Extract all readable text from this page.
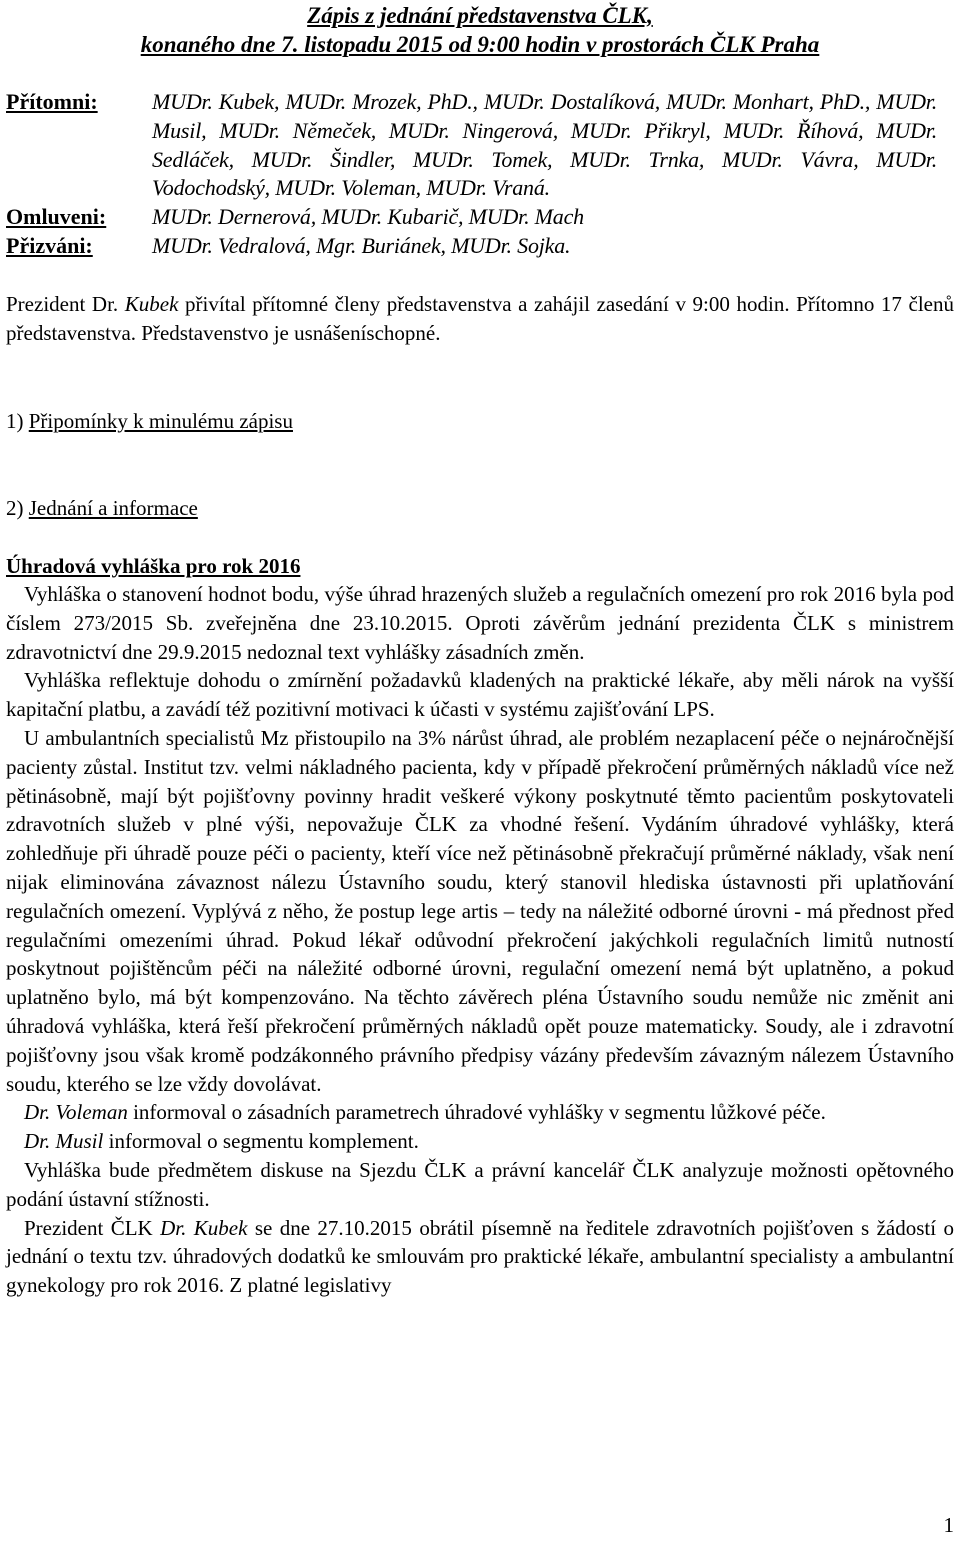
Zápis z jednání představenstva ČLK,
konaného dne 7. listopadu 2015 od 9:00 hodin v prostorách ČLK Praha
Přítomni: MUDr. Kubek, MUDr. Mrozek, PhD., MUDr. Dostalíková, MUDr. Monhart, PhD., MUDr. Musil, MUDr. Němeček, MUDr. Ningerová, MUDr. Přikryl, MUDr. Říhová, MUDr. Sedláček, MUDr. Šindler, MUDr. Tomek, MUDr. Trnka, MUDr. Vávra, MUDr. Vodochodský, MUDr. Voleman, MUDr. Vraná.
Omluveni: MUDr. Dernerová, MUDr. Kubarič, MUDr. Mach
Přizváni:	MUDr. Vedralová, Mgr. Buriánek, MUDr. Sojka.

Prezident Dr. Kubek přivítal přítomné členy představenstva a zahájil zasedání v 9:00 hodin. Přítomno 17 členů představenstva. Představenstvo je usnášeníschopné.

1) Připomínky k minulému zápisu
2) Jednání a informace
Úhradová vyhláška pro rok 2016

Vyhláška o stanovení hodnot bodu, výše úhrad hrazených služeb a regulačních omezení pro rok 2016 byla pod číslem 273/2015 Sb. zveřejněna dne 23.10.2015. Oproti závěrům jednání prezidenta ČLK s ministrem zdravotnictví dne 29.9.2015 nedoznal text vyhlášky zásadních změn.

Vyhláška reflektuje dohodu o zmírnění požadavků kladených na praktické lékaře, aby měli nárok na vyšší kapitační platbu, a zavádí též pozitivní motivaci k účasti v systému zajišťování LPS.

U ambulantních specialistů Mz přistoupilo na 3% nárůst úhrad, ale problém nezaplacení péče o nejnáročnější pacienty zůstal. Institut tzv. velmi nákladného pacienta, kdy v případě překročení průměrných nákladů více než pětinásobně, mají být pojišťovny povinny hradit veškeré výkony poskytnuté těmto pacientům poskytovateli zdravotních služeb v plné výši, nepovažuje ČLK za vhodné řešení. Vydáním úhradové vyhlášky, která zohledňuje při úhradě pouze péči o pacienty, kteří více než pětinásobně překračují průměrné náklady, však není nijak eliminována závaznost nálezu Ústavního soudu, který stanovil hlediska ústavnosti při uplatňování regulačních omezení. Vyplývá z něho, že postup lege artis – tedy na náležité odborné úrovni - má přednost před regulačními omezeními úhrad. Pokud lékař odůvodní překročení jakýchkoli regulačních limitů nutností poskytnout pojištěncům péči na náležité odborné úrovni, regulační omezení nemá být uplatněno, a pokud uplatněno bylo, má být kompenzováno. Na těchto závěrech pléna Ústavního soudu nemůže nic změnit ani úhradová vyhláška, která řeší překročení průměrných nákladů opět pouze matematicky. Soudy, ale i zdravotní pojišťovny jsou však kromě podzákonného právního předpisy vázány především závazným nálezem Ústavního soudu, kterého se lze vždy dovolávat.

Dr. Voleman informoval o zásadních parametrech úhradové vyhlášky v segmentu lůžkové péče.

Dr. Musil informoval o segmentu komplement.

Vyhláška bude předmětem diskuse na Sjezdu ČLK a právní kancelář ČLK analyzuje možnosti opětovného podání ústavní stížnosti.

Prezident ČLK Dr. Kubek se dne 27.10.2015 obrátil písemně na ředitele zdravotních pojišťoven s žádostí o jednání o textu tzv. úhradových dodatků ke smlouvám pro praktické lékaře, ambulantní specialisty a ambulantní gynekology pro rok 2016. Z platné legislativy

1
